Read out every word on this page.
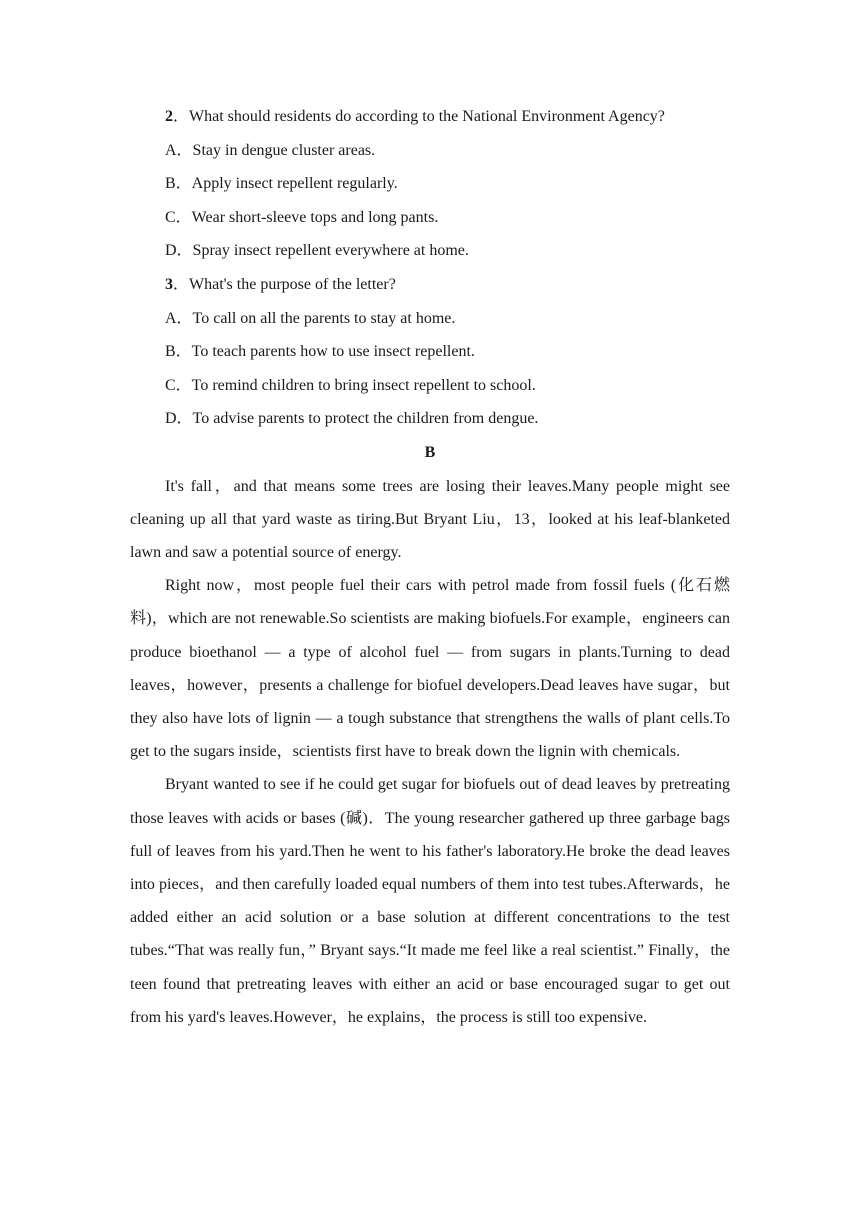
2．What should residents do according to the National Environment Agency?

A．Stay in dengue cluster areas.

B．Apply insect repellent regularly.

C．Wear short‑sleeve tops and long pants.

D．Spray insect repellent everywhere at home.

3．What's the purpose of the letter?

A．To call on all the parents to stay at home.

B．To teach parents how to use insect repellent.

C．To remind children to bring insect repellent to school.

D．To advise parents to protect the children from dengue.

B

It's fall，and that means some trees are losing their leaves.Many people might see cleaning up all that yard waste as tiring.But Bryant Liu，13，looked at his leaf‑blanketed lawn and saw a potential source of energy.

Right now，most people fuel their cars with petrol made from fossil fuels (化石燃料)，which are not renewable.So scientists are making biofuels.For example，engineers can produce bioethanol — a type of alcohol fuel — from sugars in plants.Turning to dead leaves，however，presents a challenge for biofuel developers.Dead leaves have sugar，but they also have lots of lignin — a tough substance that strengthens the walls of plant cells.To get to the sugars inside，scientists first have to break down the lignin with chemicals.

Bryant wanted to see if he could get sugar for biofuels out of dead leaves by pretreating those leaves with acids or bases (碱)．The young researcher gathered up three garbage bags full of leaves from his yard.Then he went to his father's laboratory.He broke the dead leaves into pieces，and then carefully loaded equal numbers of them into test tubes.Afterwards，he added either an acid solution or a base solution at different concentrations to the test tubes.“That was really fun，” Bryant says.“It made me feel like a real scientist.” Finally，the teen found that pretreating leaves with either an acid or base encouraged sugar to get out from his yard's leaves.However，he explains，the process is still too expensive.
